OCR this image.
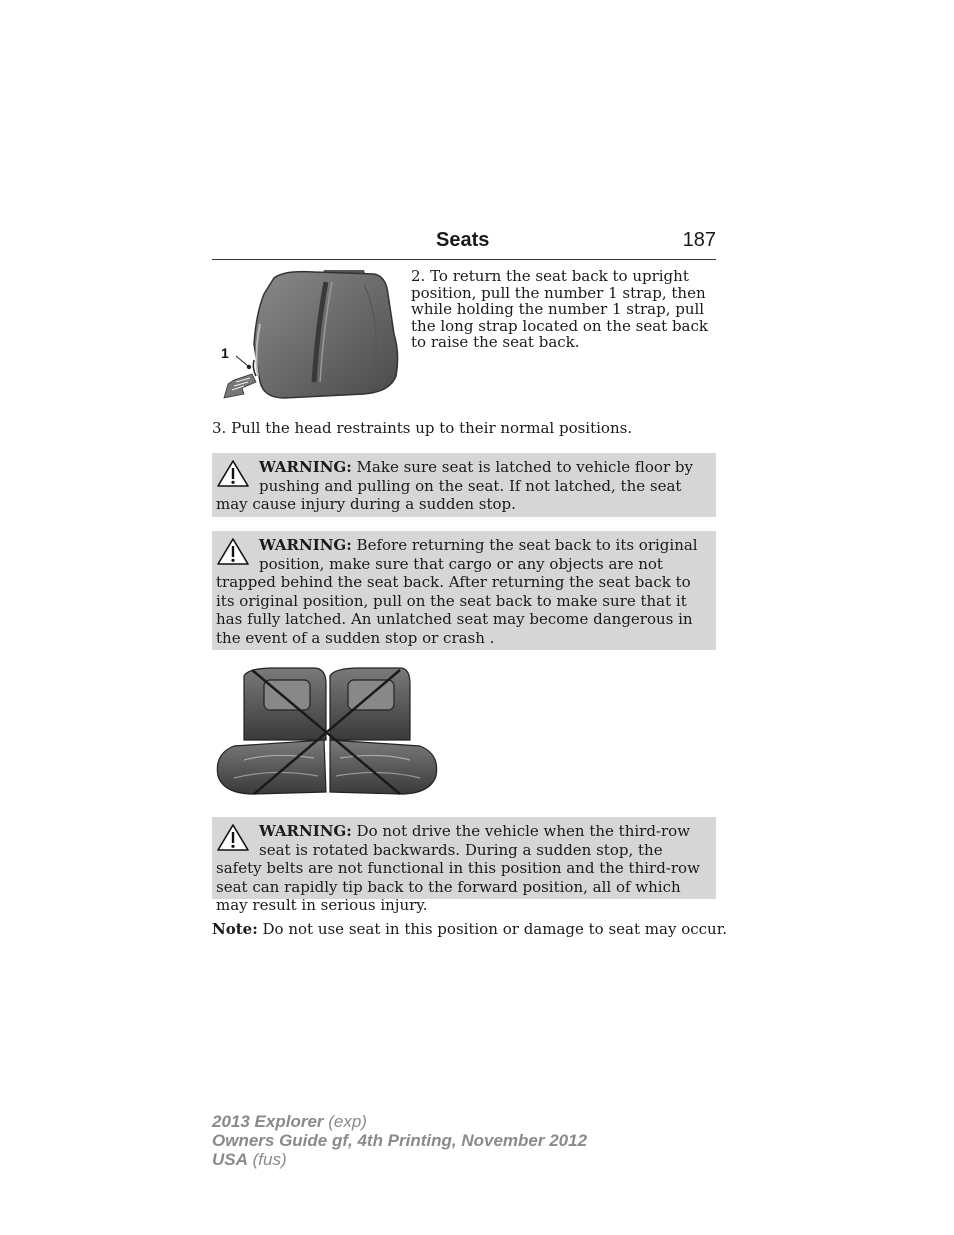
Seats	187
1
2. To return the seat back to upright position, pull the number 1 strap, then while holding the number 1 strap, pull the long strap located on the seat back to raise the seat back.
3. Pull the head restraints up to their normal positions.
WARNING: Make sure seat is latched to vehicle floor by pushing and pulling on the seat. If not latched, the seat may cause injury during a sudden stop.
WARNING: Before returning the seat back to its original position, make sure that cargo or any objects are not trapped behind the seat back. After returning the seat back to its original position, pull on the seat back to make sure that it has fully latched. An unlatched seat may become dangerous in the event of a sudden stop or crash .
WARNING: Do not drive the vehicle when the third-row seat is rotated backwards. During a sudden stop, the safety belts are not functional in this position and the third-row seat can rapidly tip back to the forward position, all of which may result in serious injury.
Note: Do not use seat in this position or damage to seat may occur.
2013 Explorer (exp)
Owners Guide gf, 4th Printing, November 2012
USA (fus)
